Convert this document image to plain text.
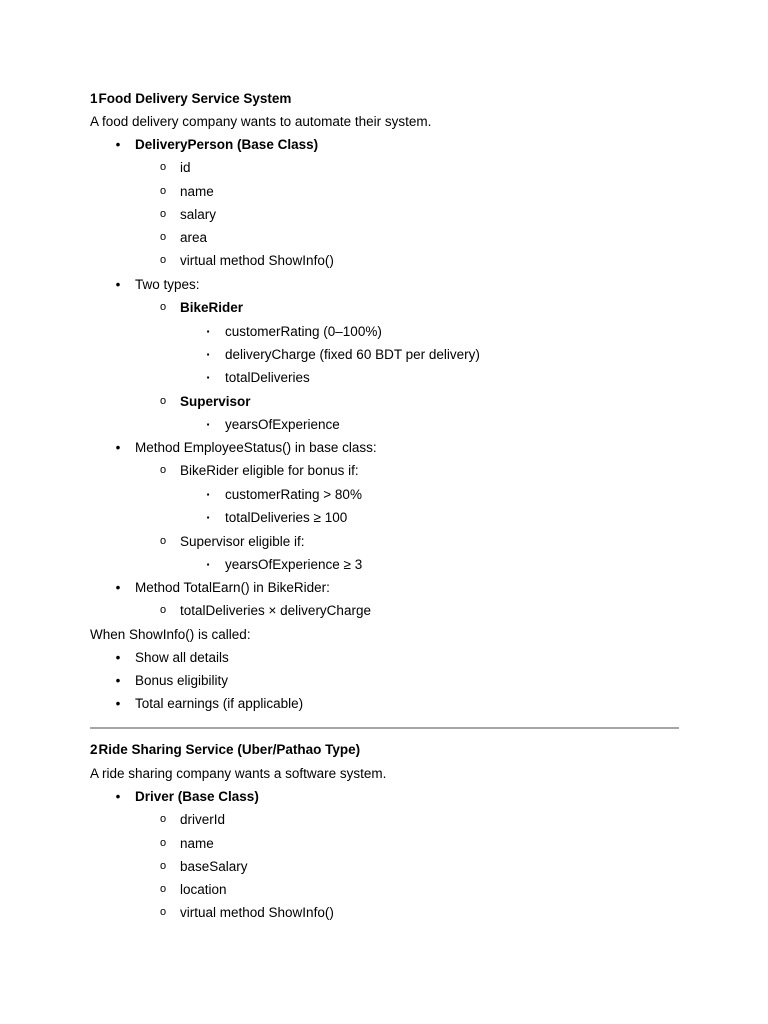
1Food Delivery Service System
A food delivery company wants to automate their system.
•	DeliveryPerson (Base Class)
o	id
o	name
o	salary
o	area
o	virtual method ShowInfo()
•	Two types:
o	BikeRider
▪	customerRating (0–100%)
▪	deliveryCharge (fixed 60 BDT per delivery)
▪	totalDeliveries
o	Supervisor
▪	yearsOfExperience
•	Method EmployeeStatus() in base class:
o	BikeRider eligible for bonus if:
▪	customerRating > 80%
▪	totalDeliveries ≥ 100
o	Supervisor eligible if:
▪	yearsOfExperience ≥ 3
•	Method TotalEarn() in BikeRider:
o	totalDeliveries × deliveryCharge
When ShowInfo() is called:
•	Show all details
•	Bonus eligibility
•	Total earnings (if applicable)
2Ride Sharing Service (Uber/Pathao Type)
A ride sharing company wants a software system.
•	Driver (Base Class)
o	driverId
o	name
o	baseSalary
o	location
o	virtual method ShowInfo()
